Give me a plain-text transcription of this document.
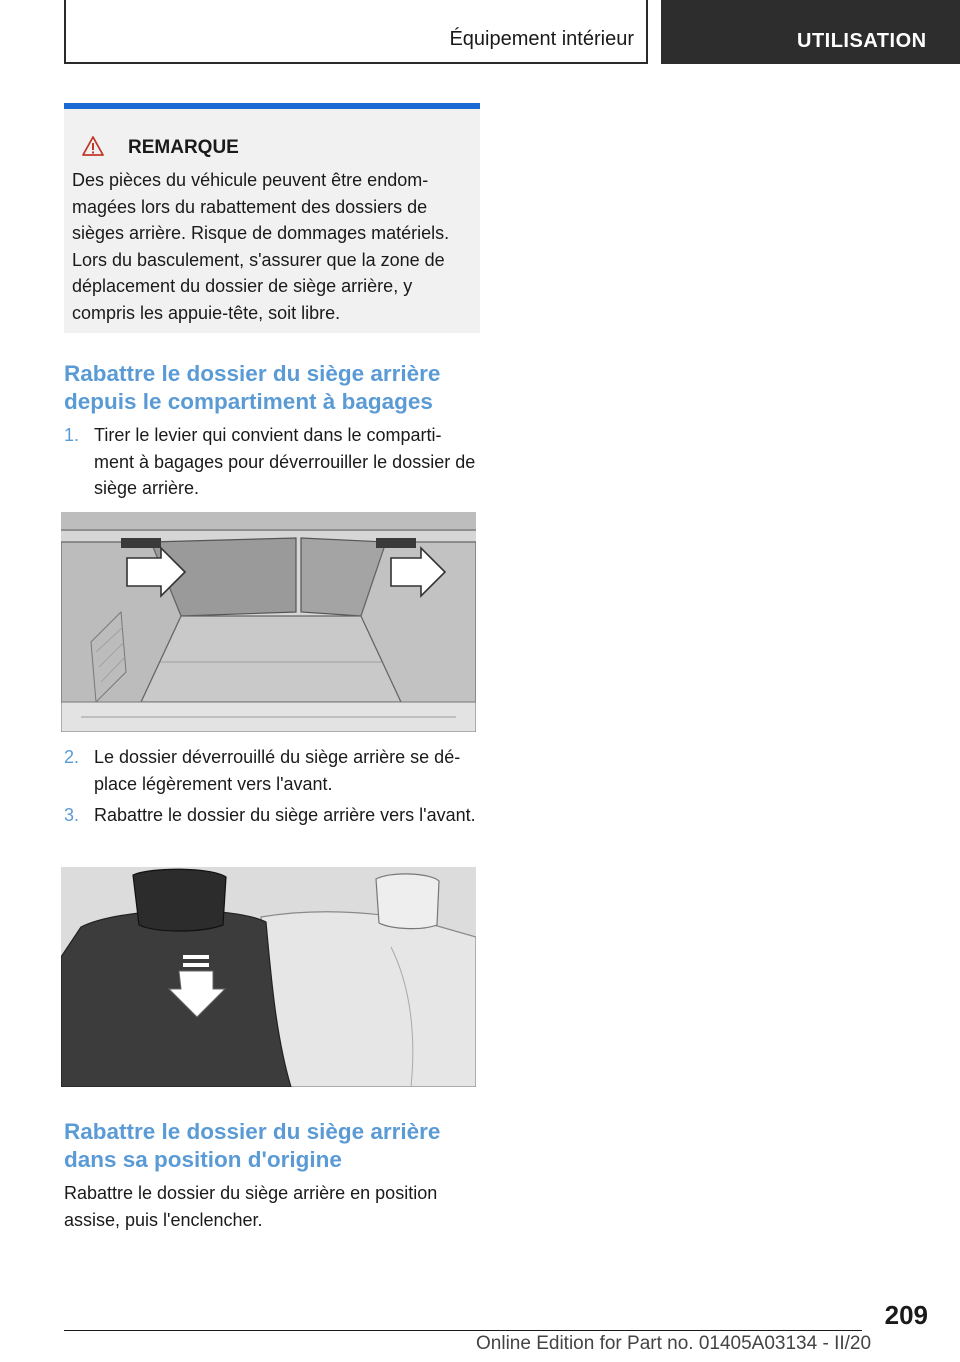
Équipement intérieur	UTILISATION
REMARQUE

Des pièces du véhicule peuvent être endom‐ magées lors du rabattement des dossiers de sièges arrière. Risque de dommages matériels. Lors du basculement, s'assurer que la zone de déplacement du dossier de siège arrière, y compris les appuie-tête, soit libre.

Rabattre le dossier du siège arrière depuis le compartiment à bagages
1. Tirer le levier qui convient dans le comparti‐ ment à bagages pour déverrouiller le dossier de siège arrière.
2. Le dossier déverrouillé du siège arrière se dé‐ place légèrement vers l'avant.
3. Rabattre le dossier du siège arrière vers l'avant.
Rabattre le dossier du siège arrière dans sa position d'origine

Rabattre le dossier du siège arrière en position assise, puis l'enclencher.

209
Online Edition for Part no. 01405A03134 - II/20
